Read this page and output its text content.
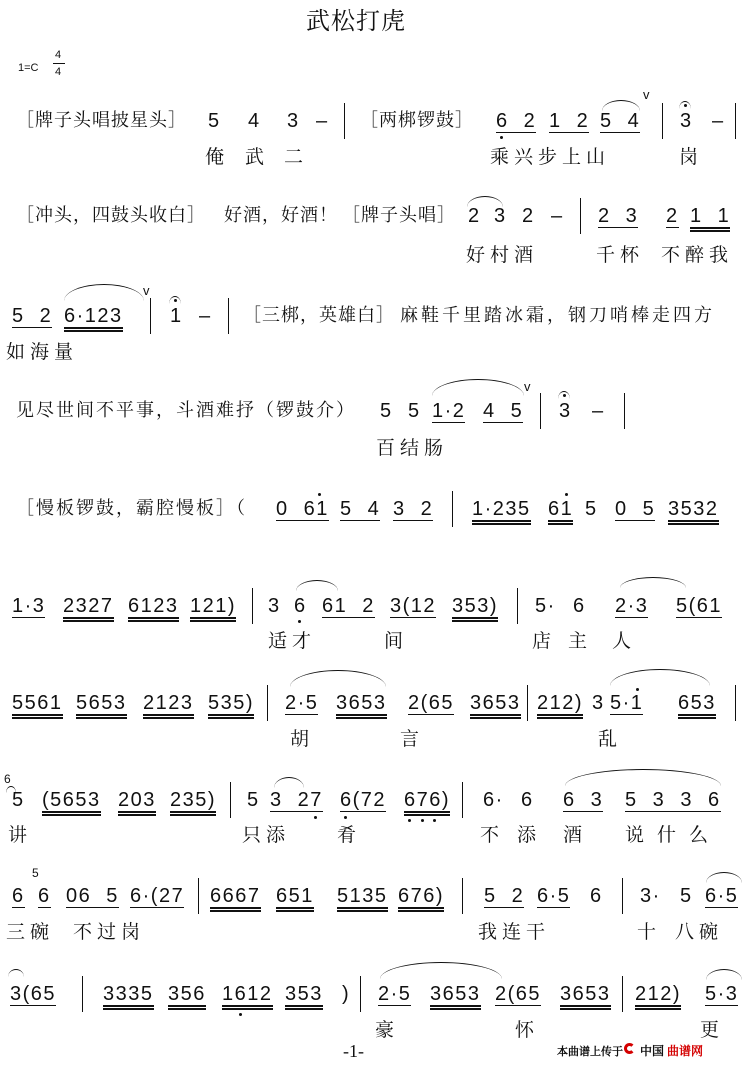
武松打虎
1=C
4
4
［牌子头唱披星头］ 5 4 3 – ［两梆锣鼓］ 6 2 1 2 5 4
v
3 –
俺 武 二	乘兴步上山	岗
［冲头，四鼓头收白］ 好酒，好酒！ ［牌子头唱］ 2 3 2 – 2 3 2 1 1
好村酒	千杯 不醉我
5 2 6·123
v
1 – ［三梆，英雄白］ 麻鞋千里踏冰霜，钢刀哨棒走四方
如海量
见尽世间不平事，斗酒难抒（锣鼓介） 5 5 1·2 4 5
v
3 –
百结肠
［慢板锣鼓，霸腔慢板］（ 0 61 5 4 3 2 1·235 61 5 0 5 3532
1·3 2327 6123 121) 3 6 61 2 3(12 353) 5· 6 2·3 5(61
适才	间	店 主 人
5561 5653 2123 535) 2·5 3653 2(65 3653 212) 3 5·1 653
胡	言	乱
6
5 (5653 203 235) 5 3 27 6(72 676) 6· 6 6 3 5 3 3 6
讲	只添 肴	不 添 酒 说什么
6
5
6 06 5 6·(27 6667 651 5135 676) 5 2 6·5 6 3· 5 6·5
三碗 不过岗	我连干	十 八碗
3(65 3335 356 1612 353 ) 2·5 3653 2(65 3653 212) 5·3
豪	怀	更
-1-	本曲谱上传于 中国 曲谱网
